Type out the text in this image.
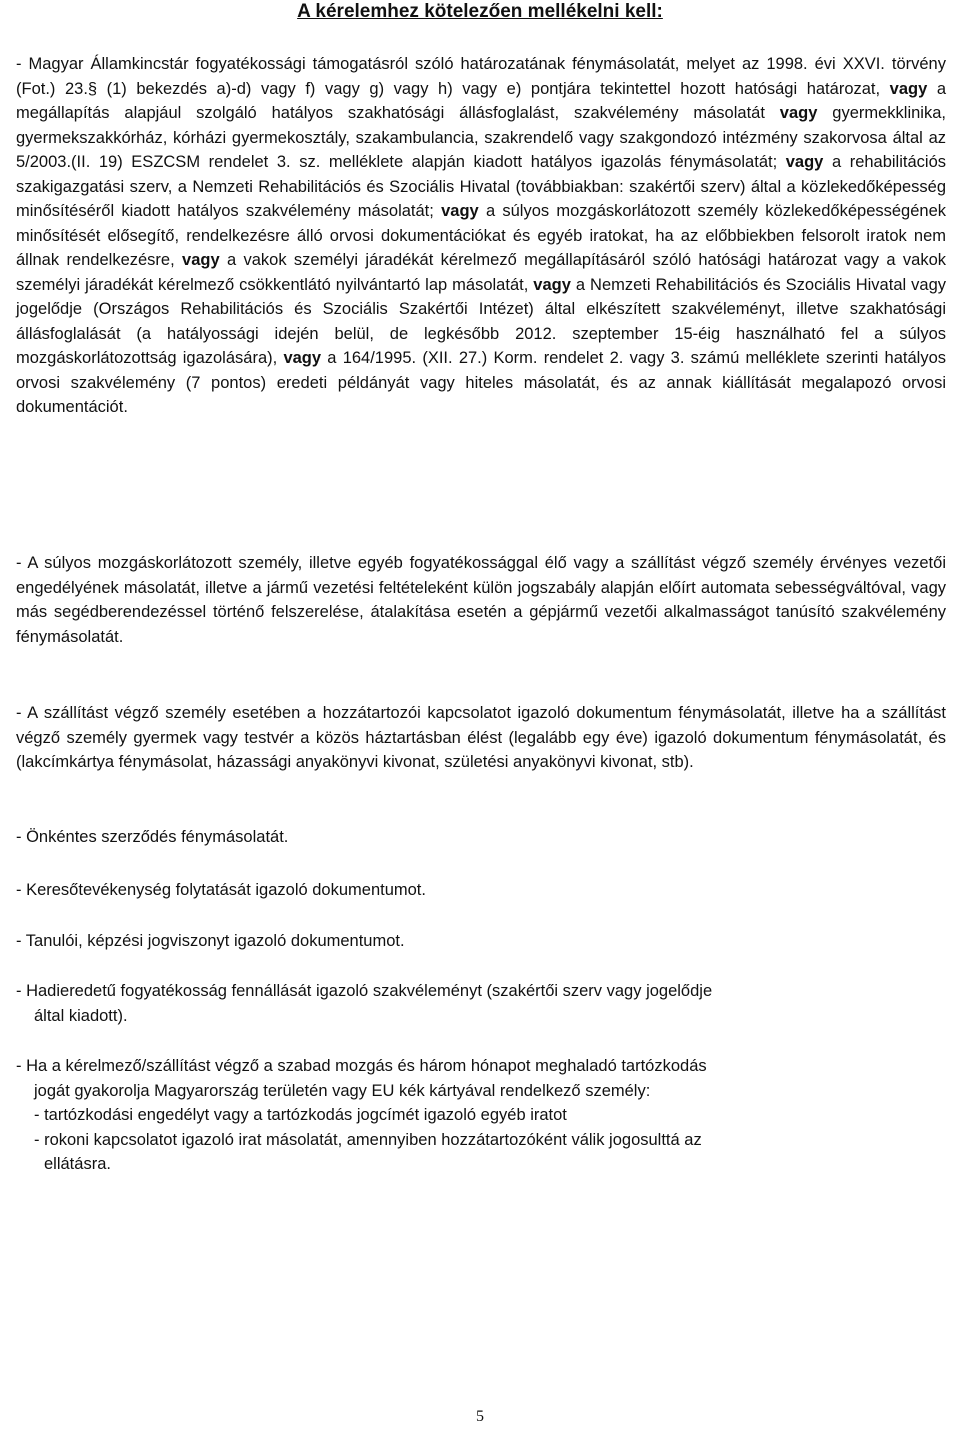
A kérelemhez kötelezően mellékelni kell:

- Magyar Államkincstár fogyatékossági támogatásról szóló határozatának fénymásolatát, melyet az 1998. évi XXVI. törvény (Fot.) 23.§ (1) bekezdés a)-d) vagy f) vagy g) vagy h) vagy e) pontjára tekintettel hozott hatósági határozat, vagy a megállapítás alapjául szolgáló hatályos szakhatósági állásfoglalást, szakvélemény másolatát vagy gyermekklinika, gyermekszakkórház, kórházi gyermekosztály, szakambulancia, szakrendelő vagy szakgondozó intézmény szakorvosa által az 5/2003.(II. 19) ESZCSM rendelet 3. sz. melléklete alapján kiadott hatályos igazolás fénymásolatát; vagy a rehabilitációs szakigazgatási szerv, a Nemzeti Rehabilitációs és Szociális Hivatal (továbbiakban: szakértői szerv) által a közlekedőképesség minősítéséről kiadott hatályos szakvélemény másolatát; vagy a súlyos mozgáskorlátozott személy közlekedőképességének minősítését elősegítő, rendelkezésre álló orvosi dokumentációkat és egyéb iratokat, ha az előbbiekben felsorolt iratok nem állnak rendelkezésre, vagy a vakok személyi járadékát kérelmező megállapításáról szóló hatósági határozat vagy a vakok személyi járadékát kérelmező csökkentlátó nyilvántartó lap másolatát, vagy a Nemzeti Rehabilitációs és Szociális Hivatal vagy jogelődje (Országos Rehabilitációs és Szociális Szakértői Intézet) által elkészített szakvéleményt, illetve szakhatósági állásfoglalását (a hatályossági idején belül, de legkésőbb 2012. szeptember 15-éig használható fel a súlyos mozgáskorlátozottság igazolására), vagy a 164/1995. (XII. 27.) Korm. rendelet 2. vagy 3. számú melléklete szerinti hatályos orvosi szakvélemény (7 pontos) eredeti példányát vagy hiteles másolatát, és az annak kiállítását megalapozó orvosi dokumentációt.

- A súlyos mozgáskorlátozott személy, illetve egyéb fogyatékossággal élő vagy a szállítást végző személy érvényes vezetői engedélyének másolatát, illetve a jármű vezetési feltételeként külön jogszabály alapján előírt automata sebességváltóval, vagy más segédberendezéssel történő felszerelése, átalakítása esetén a gépjármű vezetői alkalmasságot tanúsító szakvélemény fénymásolatát.

- A szállítást végző személy esetében a hozzátartozói kapcsolatot igazoló dokumentum fénymásolatát, illetve ha a szállítást végző személy gyermek vagy testvér a közös háztartásban élést (legalább egy éve) igazoló dokumentum fénymásolatát, és (lakcímkártya fénymásolat, házassági anyakönyvi kivonat, születési anyakönyvi kivonat, stb).

- Önkéntes szerződés fénymásolatát.

- Keresőtevékenység folytatását igazoló dokumentumot.

- Tanulói, képzési jogviszonyt igazoló dokumentumot.

- Hadieredetű fogyatékosság fennállását igazoló szakvéleményt (szakértői szerv vagy jogelődje
által kiadott).

- Ha a kérelmező/szállítást végző a szabad mozgás és három hónapot meghaladó tartózkodás
jogát gyakorolja Magyarország területén vagy EU kék kártyával rendelkező személy:
- tartózkodási engedélyt vagy a tartózkodás jogcímét igazoló egyéb iratot
- rokoni kapcsolatot igazoló irat másolatát, amennyiben hozzátartozóként válik jogosulttá az
ellátásra.

5
